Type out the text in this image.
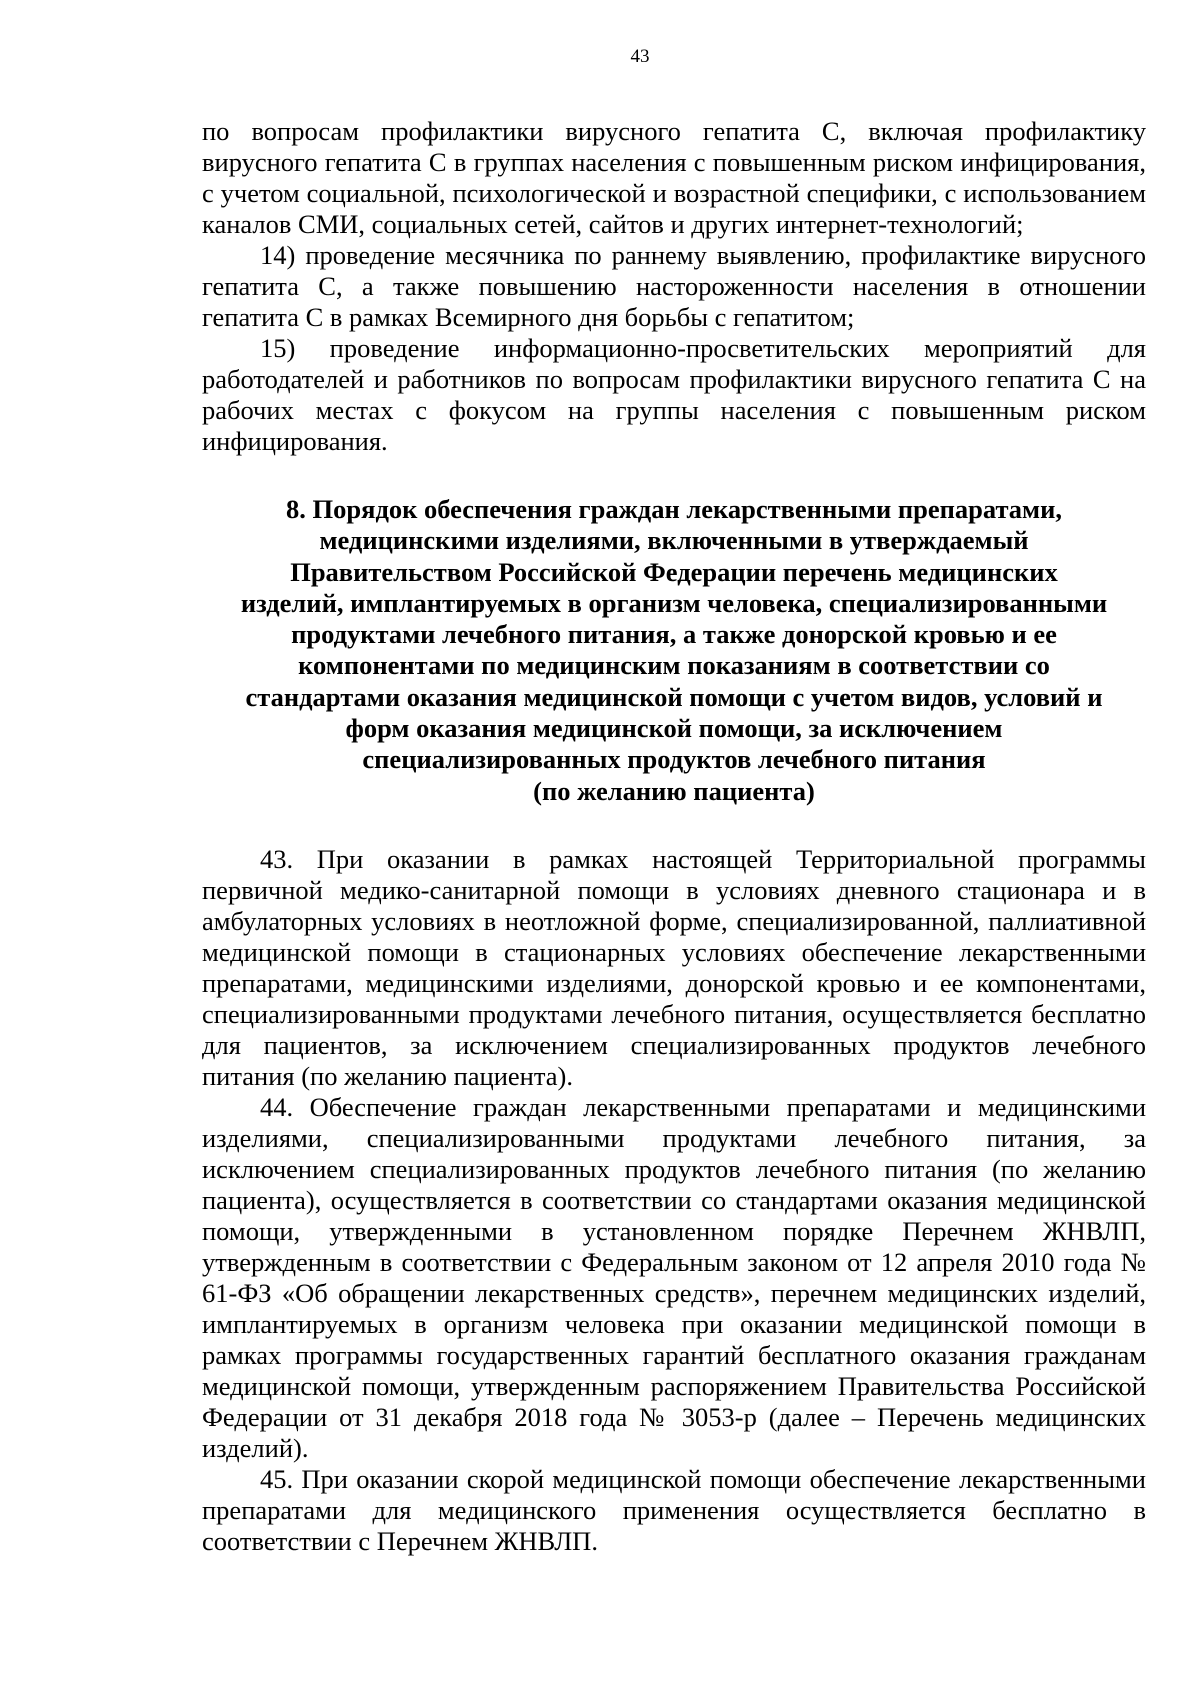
43

по вопросам профилактики вирусного гепатита С, включая профилактику вирусного гепатита С в группах населения с повышенным риском инфицирования, с учетом социальной, психологической и возрастной специфики, с использованием каналов СМИ, социальных сетей, сайтов и других интернет-технологий;

14) проведение месячника по раннему выявлению, профилактике вирусного гепатита С, а также повышению настороженности населения в отношении гепатита С в рамках Всемирного дня борьбы с гепатитом;

15) проведение информационно-просветительских мероприятий для работодателей и работников по вопросам профилактики вирусного гепатита С на рабочих местах с фокусом на группы населения с повышенным риском инфицирования.

8. Порядок обеспечения граждан лекарственными препаратами,
медицинскими изделиями, включенными в утверждаемый
Правительством Российской Федерации перечень медицинских
изделий, имплантируемых в организм человека, специализированными
продуктами лечебного питания, а также донорской кровью и ее
компонентами по медицинским показаниям в соответствии со
стандартами оказания медицинской помощи с учетом видов, условий и
форм оказания медицинской помощи, за исключением
специализированных продуктов лечебного питания
(по желанию пациента)

43. При оказании в рамках настоящей Территориальной программы первичной медико-санитарной помощи в условиях дневного стационара и в амбулаторных условиях в неотложной форме, специализированной, паллиативной медицинской помощи в стационарных условиях обеспечение лекарственными препаратами, медицинскими изделиями, донорской кровью и ее компонентами, специализированными продуктами лечебного питания, осуществляется бесплатно для пациентов, за исключением специализированных продуктов лечебного питания (по желанию пациента).

44. Обеспечение граждан лекарственными препаратами и медицинскими изделиями, специализированными продуктами лечебного питания, за исключением специализированных продуктов лечебного питания (по желанию пациента), осуществляется в соответствии со стандартами оказания медицинской помощи, утвержденными в установленном порядке Перечнем ЖНВЛП, утвержденным в соответствии с Федеральным законом от 12 апреля 2010 года № 61-ФЗ «Об обращении лекарственных средств», перечнем медицинских изделий, имплантируемых в организм человека при оказании медицинской помощи в рамках программы государственных гарантий бесплатного оказания гражданам медицинской помощи, утвержденным распоряжением Правительства Российской Федерации от 31 декабря 2018 года № 3053-р (далее – Перечень медицинских изделий).

45. При оказании скорой медицинской помощи обеспечение лекарственными препаратами для медицинского применения осуществляется бесплатно в соответствии с Перечнем ЖНВЛП.
